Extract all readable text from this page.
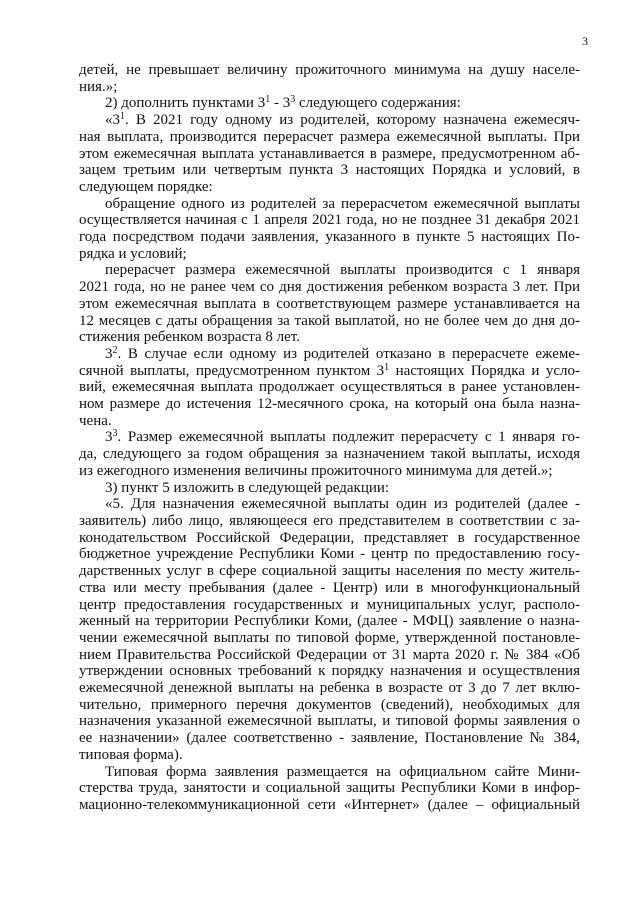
3
детей, не превышает величину прожиточного минимума на душу населе-
ния.»;
2) дополнить пунктами $3^1 - 3^3$ следующего содержания:
«$3^1$. В 2021 году одному из родителей, которому назначена ежемесяч-
ная выплата, производится перерасчет размера ежемесячной выплаты. При
этом ежемесячная выплата устанавливается в размере, предусмотренном аб-
зацем третьим или четвертым пункта 3 настоящих Порядка и условий, в
следующем порядке:
обращение одного из родителей за перерасчетом ежемесячной выплаты
осуществляется начиная с 1 апреля 2021 года, но не позднее 31 декабря 2021
года посредством подачи заявления, указанного в пункте 5 настоящих По-
рядка и условий;
перерасчет размера ежемесячной выплаты производится с 1 января
2021 года, но не ранее чем со дня достижения ребенком возраста 3 лет. При
этом ежемесячная выплата в соответствующем размере устанавливается на
12 месяцев с даты обращения за такой выплатой, но не более чем до дня до-
стижения ребенком возраста 8 лет.
$3^2$. В случае если одному из родителей отказано в перерасчете ежеме-
сячной выплаты, предусмотренном пунктом $3^1$ настоящих Порядка и усло-
вий, ежемесячная выплата продолжает осуществляться в ранее установлен-
ном размере до истечения 12-месячного срока, на который она была назна-
чена.
$3^3$. Размер ежемесячной выплаты подлежит перерасчету с 1 января го-
да, следующего за годом обращения за назначением такой выплаты, исходя
из ежегодного изменения величины прожиточного минимума для детей.»;
3) пункт 5 изложить в следующей редакции:
«5. Для назначения ежемесячной выплаты один из родителей (далее -
заявитель) либо лицо, являющееся его представителем в соответствии с за-
конодательством Российской Федерации, представляет в государственное
бюджетное учреждение Республики Коми - центр по предоставлению госу-
дарственных услуг в сфере социальной защиты населения по месту житель-
ства или месту пребывания (далее - Центр) или в многофункциональный
центр предоставления государственных и муниципальных услуг, располо-
женный на территории Республики Коми, (далее - МФЦ) заявление о назна-
чении ежемесячной выплаты по типовой форме, утвержденной постановле-
нием Правительства Российской Федерации от 31 марта 2020 г. № 384 «Об
утверждении основных требований к порядку назначения и осуществления
ежемесячной денежной выплаты на ребенка в возрасте от 3 до 7 лет вклю-
чительно, примерного перечня документов (сведений), необходимых для
назначения указанной ежемесячной выплаты, и типовой формы заявления о
ее назначении» (далее соответственно - заявление, Постановление № 384,
типовая форма).
Типовая форма заявления размещается на официальном сайте Мини-
стерства труда, занятости и социальной защиты Республики Коми в инфор-
мационно-телекоммуникационной сети «Интернет» (далее – официальный
